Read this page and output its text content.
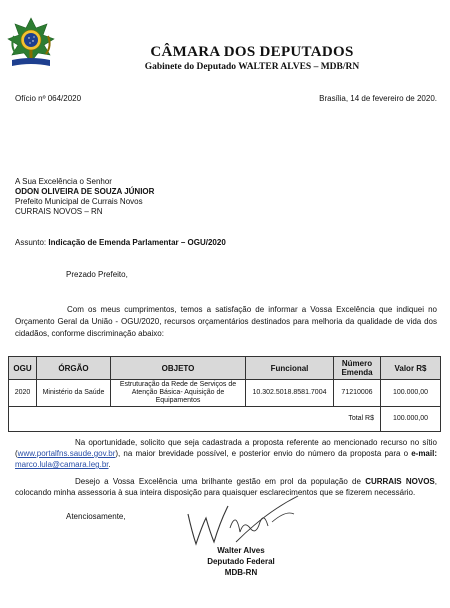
CÂMARA DOS DEPUTADOS
Gabinete do Deputado WALTER ALVES – MDB/RN
Ofício nº 064/2020	Brasília, 14 de fevereiro de 2020.
A Sua Excelência o Senhor
ODON OLIVEIRA DE SOUZA JÚNIOR
Prefeito Municipal de Currais Novos
CURRAIS NOVOS – RN
Assunto: Indicação de Emenda Parlamentar – OGU/2020
Prezado Prefeito,
Com os meus cumprimentos, temos a satisfação de informar a Vossa Excelência que indiquei no Orçamento Geral da União - OGU/2020, recursos orçamentários destinados para melhoria da qualidade de vida dos cidadãos, conforme discriminação abaixo:
OGU	ÓRGÃO	OBJETO	Funcional	Número Emenda	Valor R$
2020	Ministério da Saúde	Estruturação da Rede de Serviços de Atenção Básica- Aquisição de Equipamentos	10.302.5018.8581.7004	71210006	100.000,00
Total R$					100.000,00
Na oportunidade, solicito que seja cadastrada a proposta referente ao mencionado recurso no sítio (www.portalfns.saude.gov.br), na maior brevidade possível, e posterior envio do número da proposta para o e-mail: marco.lula@camara.leg.br.
Desejo a Vossa Excelência uma brilhante gestão em prol da população de CURRAIS NOVOS, colocando minha assessoria à sua inteira disposição para quaisquer esclarecimentos que se fizerem necessário.
Atenciosamente,
Walter Alves
Deputado Federal
MDB-RN
